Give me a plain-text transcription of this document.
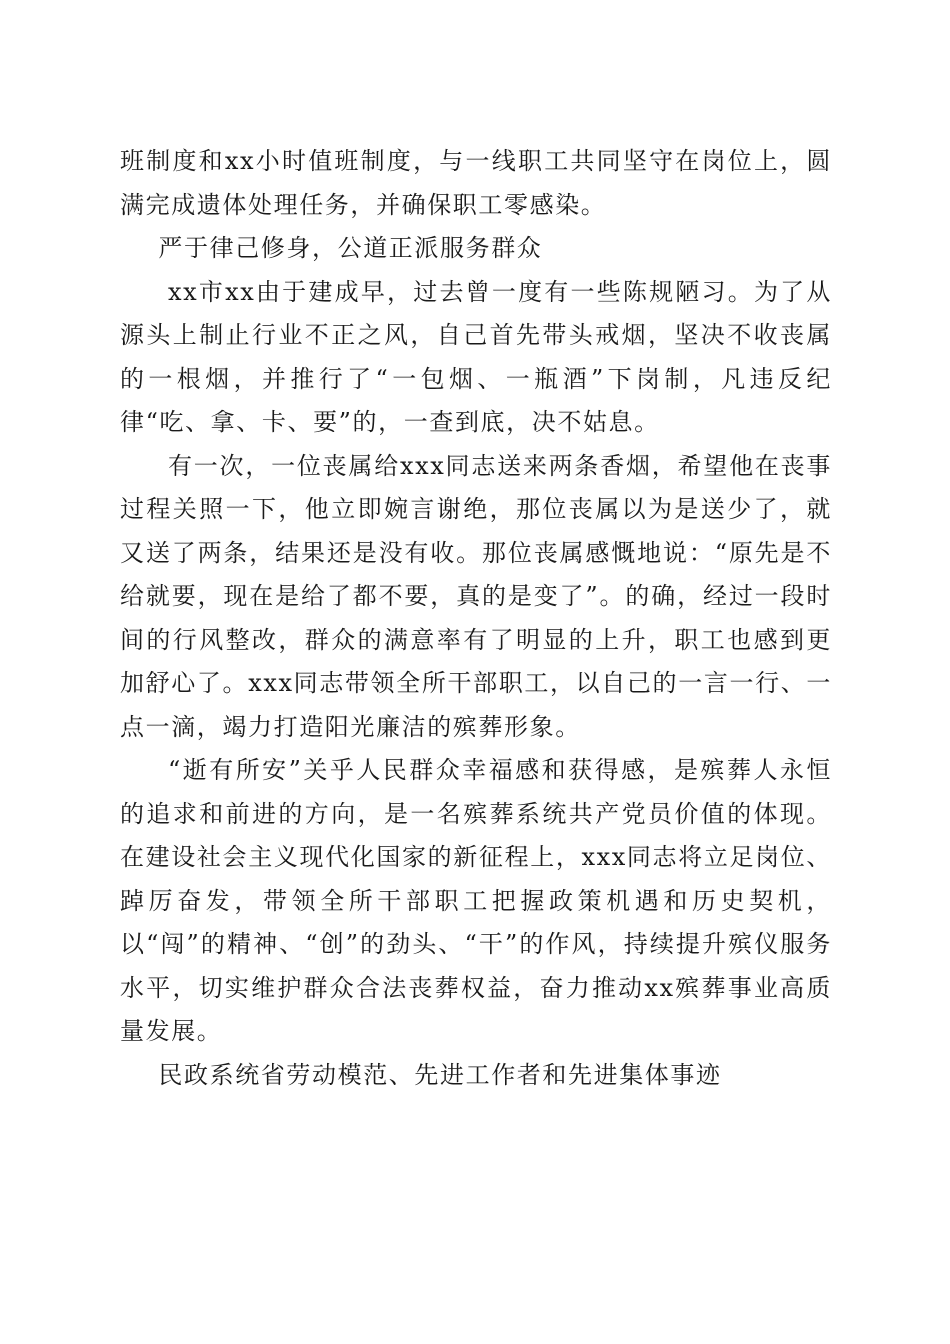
班制度和xx小时值班制度，与一线职工共同坚守在岗位上，圆满完成遗体处理任务，并确保职工零感染。

严于律己修身，公道正派服务群众

xx市xx由于建成早，过去曾一度有一些陈规陋习。为了从源头上制止行业不正之风，自己首先带头戒烟，坚决不收丧属的一根烟，并推行了“一包烟、一瓶酒”下岗制，凡违反纪律“吃、拿、卡、要”的，一查到底，决不姑息。

有一次，一位丧属给xxx同志送来两条香烟，希望他在丧事过程关照一下，他立即婉言谢绝，那位丧属以为是送少了，就又送了两条，结果还是没有收。那位丧属感慨地说：“原先是不给就要，现在是给了都不要，真的是变了”。的确，经过一段时间的行风整改，群众的满意率有了明显的上升，职工也感到更加舒心了。xxx同志带领全所干部职工，以自己的一言一行、一点一滴，竭力打造阳光廉洁的殡葬形象。

“逝有所安”关乎人民群众幸福感和获得感，是殡葬人永恒的追求和前进的方向，是一名殡葬系统共产党员价值的体现。在建设社会主义现代化国家的新征程上，xxx同志将立足岗位、踔厉奋发，带领全所干部职工把握政策机遇和历史契机，以“闯”的精神、“创”的劲头、“干”的作风，持续提升殡仪服务水平，切实维护群众合法丧葬权益，奋力推动xx殡葬事业高质量发展。

民政系统省劳动模范、先进工作者和先进集体事迹
